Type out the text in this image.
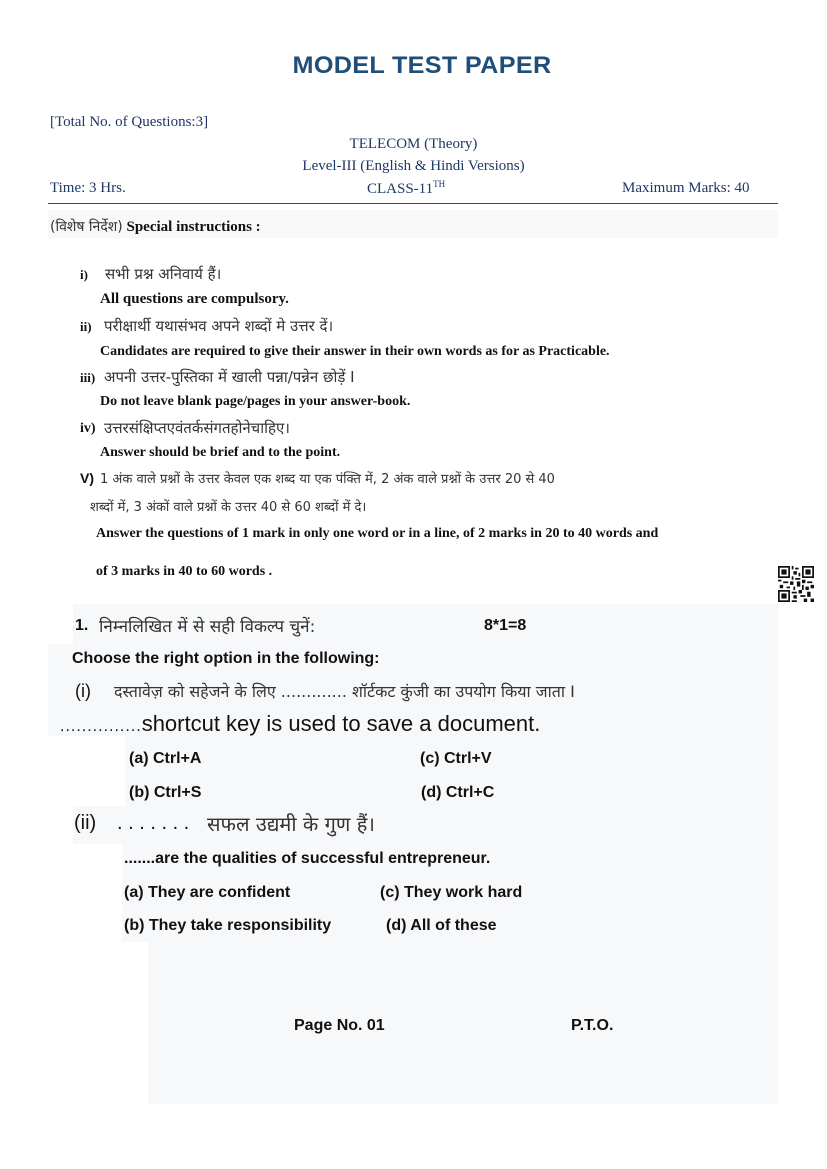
MODEL TEST PAPER
[Total No. of Questions:3]
TELECOM (Theory)
Level-III (English & Hindi Versions)
Time: 3 Hrs.	CLASS-11TH	Maximum Marks: 40
(विशेष निर्देश) Special instructions :
i) सभी प्रश्न अनिवार्य हैं।
All questions are compulsory.
ii) परीक्षार्थी यथासंभव अपने शब्दों मे उत्तर दें।
Candidates are required to give their answer in their own words as for as Practicable.
iii) अपनी उत्तर-पुस्तिका में खाली पन्ना/पन्नेन छोड़ें I
Do not leave blank page/pages in your answer-book.
iv) उत्तरसंक्षिप्तएवंतर्कसंगतहोनेचाहिए।
Answer should be brief and to the point.
V) 1 अंक वाले प्रश्नों के उत्तर केवल एक शब्द या एक पंक्ति में, 2 अंक वाले प्रश्नों के उत्तर 20 से 40
शब्दों में, 3 अंकों वाले प्रश्नों के उत्तर 40 से 60 शब्दों में दे।
Answer the questions of 1 mark in only one word or in a line, of 2 marks in 20 to 40 words and
of 3 marks in 40 to 60 words .
1. निम्नलिखित में से सही विकल्प चुनें:	8*1=8
Choose the right option in the following:
(i) दस्तावेज़ को सहेजने के लिए ............. शॉर्टकट कुंजी का उपयोग किया जाता I
...............shortcut key is used to save a document.
(a) Ctrl+A	(c) Ctrl+V
(b) Ctrl+S	(d) Ctrl+C
(ii) . . . . . . . सफल उद्यमी के गुण हैं।
.......are the qualities of successful entrepreneur.
(a) They are confident	(c) They work hard
(b) They take responsibility	(d) All of these
Page No. 01	P.T.O.
